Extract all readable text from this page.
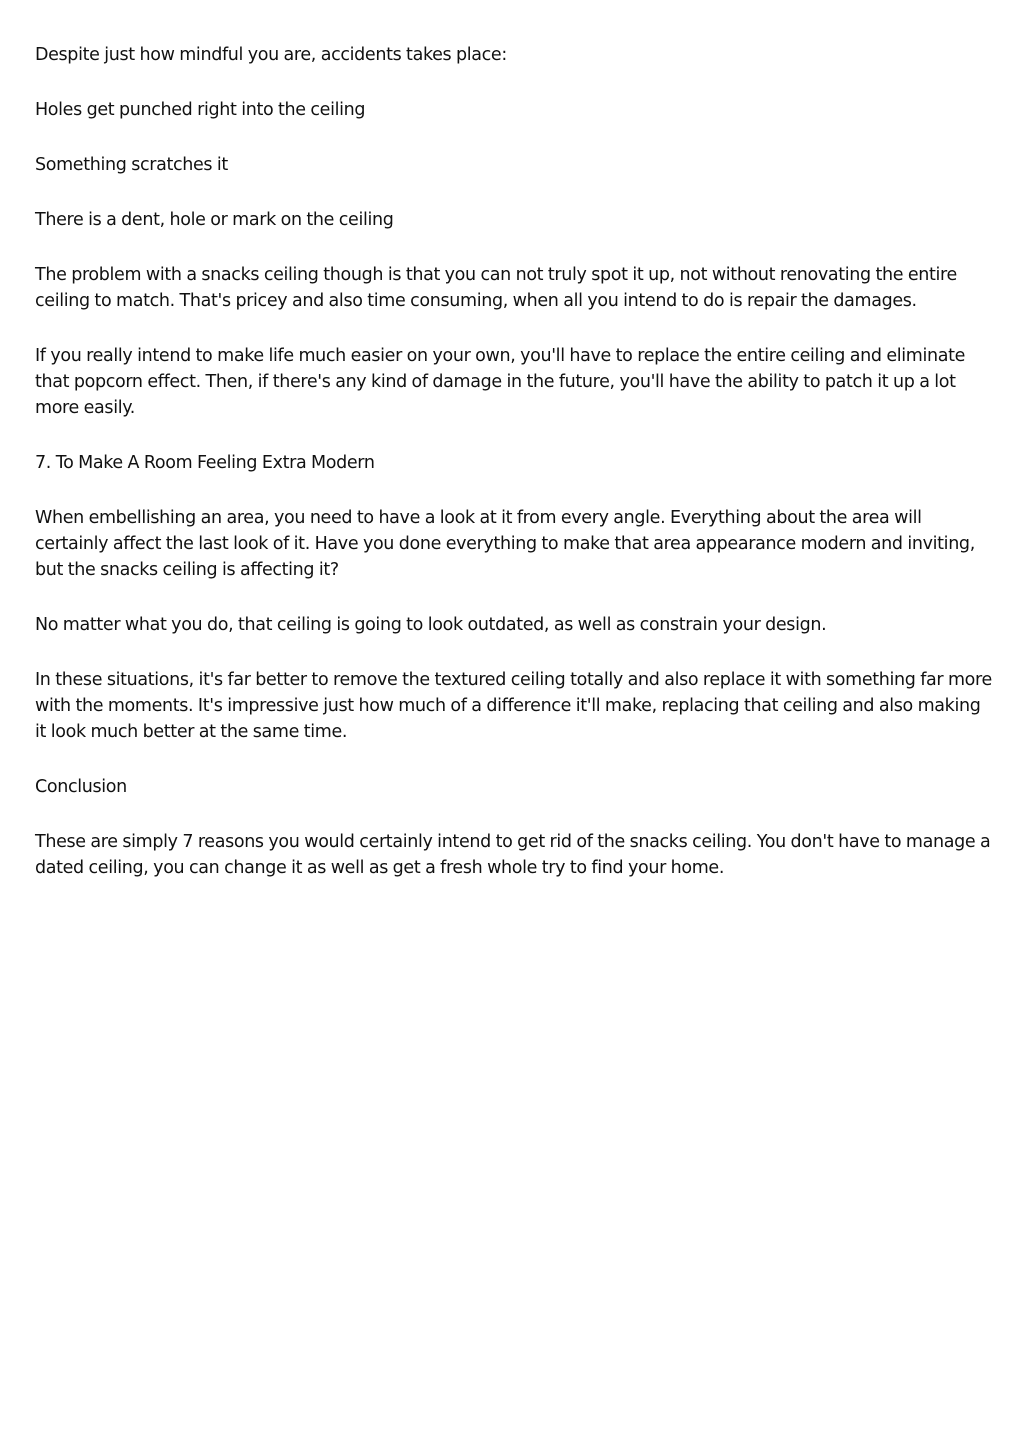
Despite just how mindful you are, accidents takes place:

Holes get punched right into the ceiling

Something scratches it

There is a dent, hole or mark on the ceiling

The problem with a snacks ceiling though is that you can not truly spot it up, not without renovating the entire ceiling to match. That's pricey and also time consuming, when all you intend to do is repair the damages.

If you really intend to make life much easier on your own, you'll have to replace the entire ceiling and eliminate that popcorn effect. Then, if there's any kind of damage in the future, you'll have the ability to patch it up a lot more easily.

7. To Make A Room Feeling Extra Modern

When embellishing an area, you need to have a look at it from every angle. Everything about the area will certainly affect the last look of it. Have you done everything to make that area appearance modern and inviting, but the snacks ceiling is affecting it?

No matter what you do, that ceiling is going to look outdated, as well as constrain your design.

In these situations, it's far better to remove the textured ceiling totally and also replace it with something far more with the moments. It's impressive just how much of a difference it'll make, replacing that ceiling and also making it look much better at the same time.

Conclusion

These are simply 7 reasons you would certainly intend to get rid of the snacks ceiling. You don't have to manage a dated ceiling, you can change it as well as get a fresh whole try to find your home.
